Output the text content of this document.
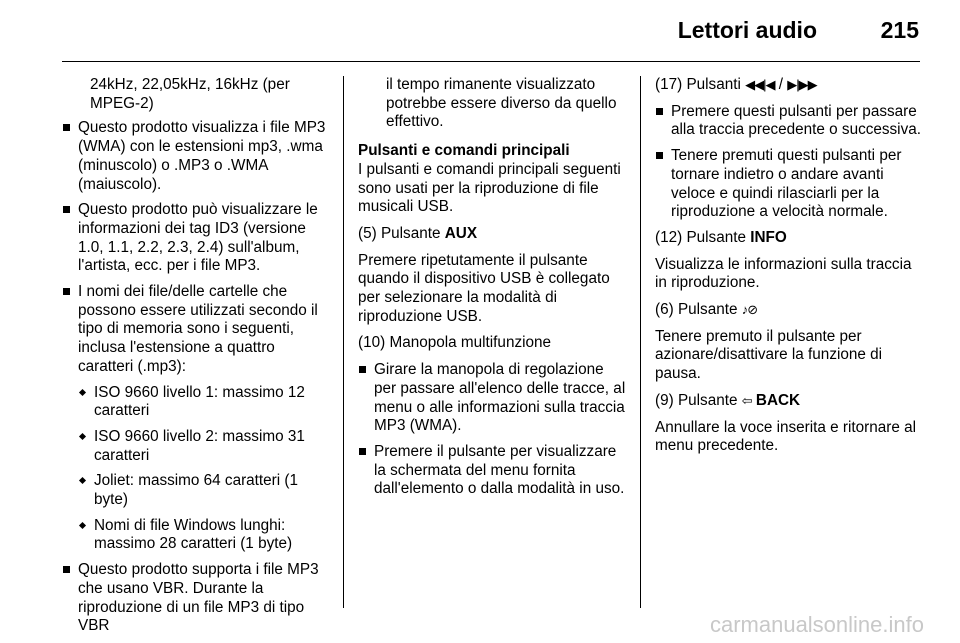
Lettori audio	215

24kHz, 22,05kHz, 16kHz (per MPEG-2)

Questo prodotto visualizza i file MP3 (WMA) con le estensioni mp3, .wma (minuscolo) o .MP3 o .WMA (maiuscolo).

Questo prodotto può visualizzare le informazioni dei tag ID3 (versione 1.0, 1.1, 2.2, 2.3, 2.4) sull'album, l'artista, ecc. per i file MP3.

I nomi dei file/delle cartelle che possono essere utilizzati secondo il tipo di memoria sono i seguenti, inclusa l'estensione a quattro caratteri (.mp3):

ISO 9660 livello 1: massimo 12 caratteri

ISO 9660 livello 2: massimo 31 caratteri

Joliet: massimo 64 caratteri (1 byte)

Nomi di file Windows lunghi: massimo 28 caratteri (1 byte)

Questo prodotto supporta i file MP3 che usano VBR. Durante la riproduzione di un file MP3 di tipo VBR

il tempo rimanente visualizzato potrebbe essere diverso da quello effettivo.

Pulsanti e comandi principali

I pulsanti e comandi principali seguenti sono usati per la riproduzione di file musicali USB.

(5) Pulsante AUX

Premere ripetutamente il pulsante quando il dispositivo USB è collegato per selezionare la modalità di riproduzione USB.

(10) Manopola multifunzione

Girare la manopola di regolazione per passare all'elenco delle tracce, al menu o alle informazioni sulla traccia MP3 (WMA).

Premere il pulsante per visualizzare la schermata del menu fornita dall'elemento o dalla modalità in uso.

(17) Pulsanti ◀◀|◀ / ▶|▶▶

Premere questi pulsanti per passare alla traccia precedente o successiva.

Tenere premuti questi pulsanti per tornare indietro o andare avanti veloce e quindi rilasciarli per la riproduzione a velocità normale.

(12) Pulsante INFO

Visualizza le informazioni sulla traccia in riproduzione.

(6) Pulsante ♪⊘

Tenere premuto il pulsante per azionare/disattivare la funzione di pausa.

(9) Pulsante ⇦ BACK

Annullare la voce inserita e ritornare al menu precedente.

carmanualsonline.info
